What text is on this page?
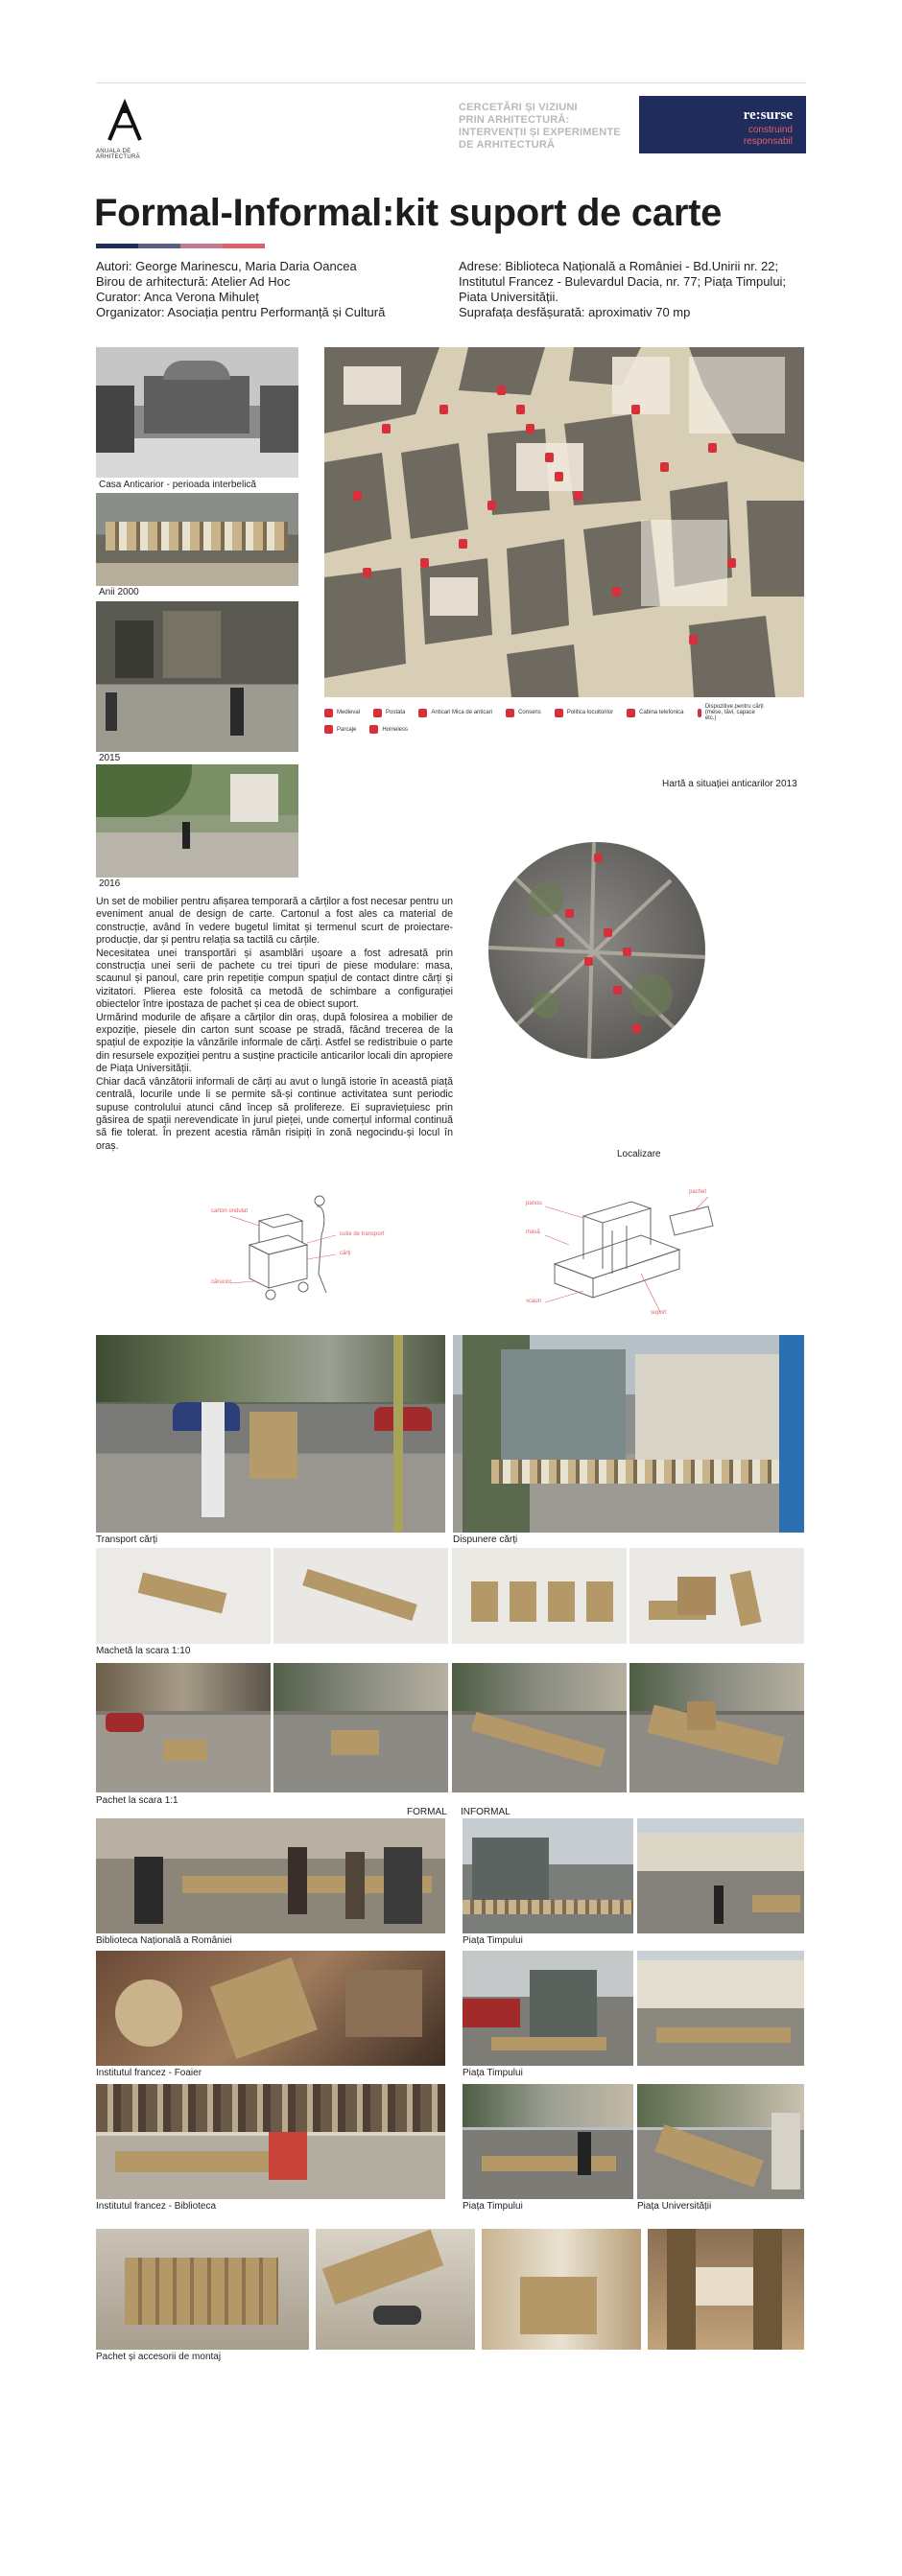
ANUALA DE ARHITECTURĂ
CERCETĂRI ȘI VIZIUNI
PRIN ARHITECTURĂ:
INTERVENȚII ȘI EXPERIMENTE
DE ARHITECTURĂ
re:surse
construind
responsabil
Formal-Informal:kit suport de carte
Autori: George Marinescu, Maria Daria Oancea
Birou de arhitectură: Atelier Ad Hoc
Curator: Anca Verona Mihuleț
Organizator: Asociația pentru Performanță și Cultură
Adrese: Biblioteca Națională a României - Bd.Unirii nr. 22;
Institutul Francez - Bulevardul Dacia, nr. 77; Piața Timpului;
Piata Universității.
Suprafața desfășurată: aproximativ 70 mp
Casa Anticarior - perioada interbelică
Anii 2000
2015
2016
Medieval	Postata	Anticari Mica de anticari	Consens	Politica locuitorilor	Cabina telefonica
Dispozitive pentru cărți (mese, tăvi, capace etc.)
Parcaje	Homeless
Hartă a situației anticarilor 2013

Un set de mobilier pentru afișarea temporară a cărților a fost necesar pentru un eveniment anual de design de carte. Cartonul a fost ales ca material de construcție, având în vedere bugetul limitat și termenul scurt de proiectare-producție, dar și pentru relația sa tactilă cu cărțile.

Necesitatea unei transportări și asamblări ușoare a fost adresată prin construcția unei serii de pachete cu trei tipuri de piese modulare: masa, scaunul și panoul, care prin repetiție compun spațiul de contact dintre cărți și vizitatori. Plierea este folosită ca metodă de schimbare a configurației obiectelor între ipostaza de pachet și cea de obiect suport.

Urmărind modurile de afișare a cărților din oraș, după folosirea a mobilier de expoziție, piesele din carton sunt scoase pe stradă, făcând trecerea de la spațiul de expoziție la vânzările informale de cărți. Astfel se redistribuie o parte din resursele expoziției pentru a susține practicile anticarilor locali din apropiere de Piața Universității.

Chiar dacă vânzătorii informali de cărți au avut o lungă istorie în această piață centrală, locurile unde li se permite să-și continue activitatea sunt periodic supuse controlului atunci când încep să prolifereze. Ei supraviețuiesc prin găsirea de spații nerevendicate în jurul pieței, unde comerțul informal continuă să fie tolerat. În prezent acestia rămân risipiți în zonă negocindu-și locul în oraș.

Localizare
carton ondulat
cutie de transport
cărți
cărucior
panou
masă
scaun
suport
pachet
Transport cărți	Dispunere cărți
Machetă la scara 1:10
Pachet la scara 1:1
FORMAL INFORMAL
Biblioteca Națională a României	Piața Timpului
Institutul francez - Foaier	Piața Timpului
Institutul francez - Biblioteca	Piața Timpului	Piața Universității
Pachet și accesorii de montaj
